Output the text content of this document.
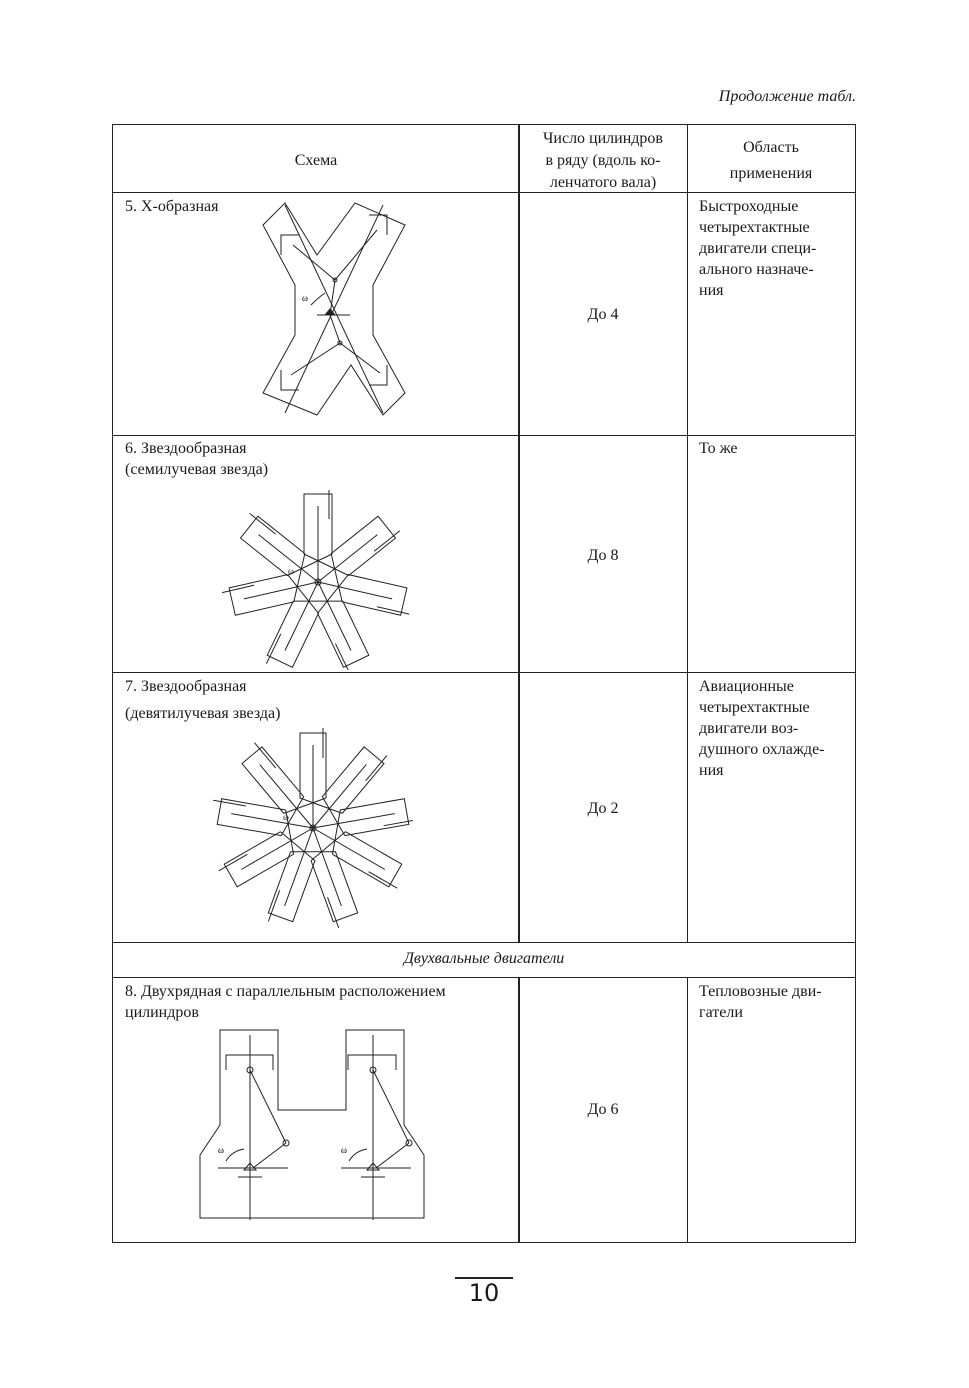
Продолжение табл.
Схема
Число цилиндров
в ряду (вдоль ко-
ленчатого вала)
Область
применения
5. Х-образная
До 4
Быстроходные
четырехтактные
двигатели специ-
ального назначе-
ния
ω
6. Звездообразная
(семилучевая звезда)
До 8
То же
ω
7. Звездообразная
(девятилучевая звезда)
До 2
Авиационные
четырехтактные
двигатели воз-
душного охлажде-
ния
ω
Двухвальные двигатели
8. Двухрядная с параллельным расположением
цилиндров
До 6
Тепловозные дви-
гатели
ω	ω
10
